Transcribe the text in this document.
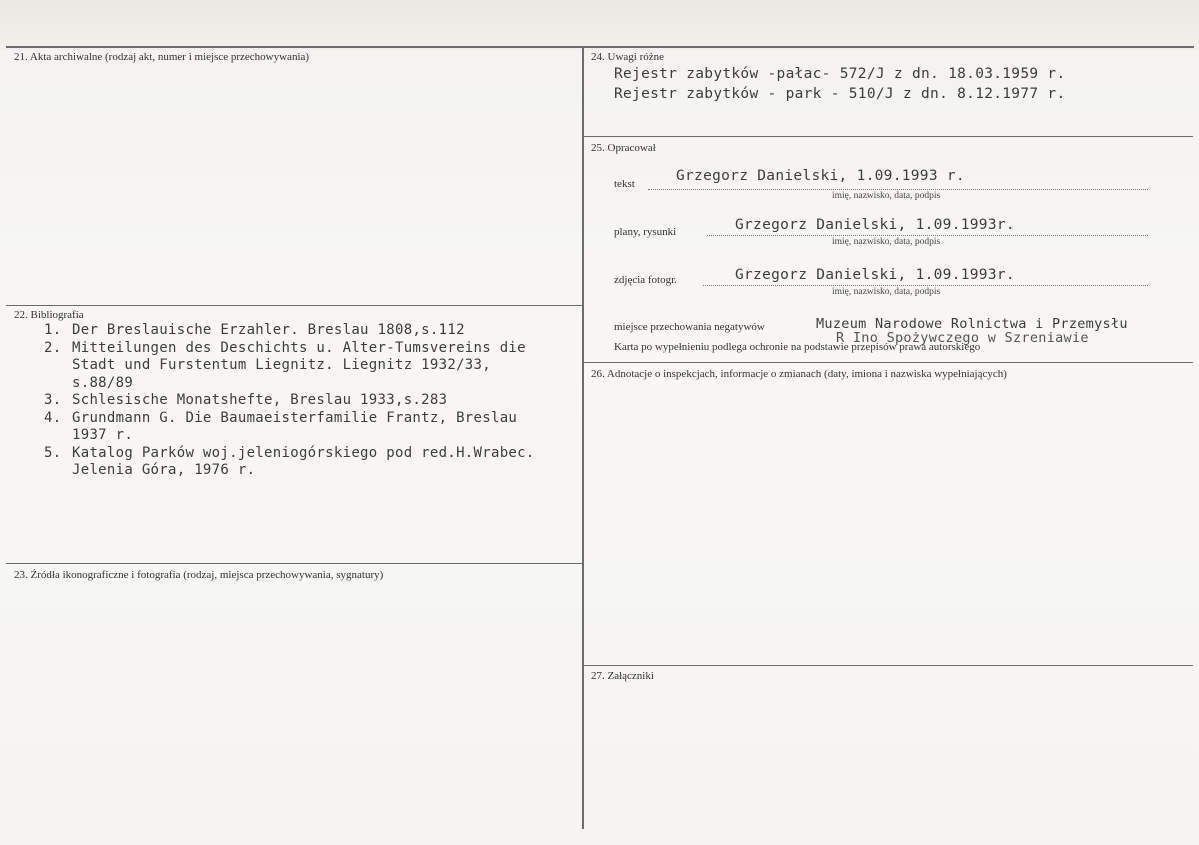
21. Akta archiwalne (rodzaj akt, numer i miejsce przechowywania)
22. Bibliografia
1. Der Breslauische Erzahler. Breslau 1808,s.112
2. Mitteilungen des Deschichts u. Alter-Tumsvereins die
Stadt und Furstentum Liegnitz. Liegnitz 1932/33,
s.88/89
3. Schlesische Monatshefte, Breslau 1933,s.283
4. Grundmann G. Die Baumaeisterfamilie Frantz, Breslau
1937 r.
5. Katalog Parków woj.jeleniogórskiego pod red.H.Wrabec.
Jelenia Góra, 1976 r.
23. Źródła ikonograficzne i fotografia (rodzaj, miejsca przechowywania, sygnatury)
24. Uwagi różne
Rejestr zabytków -pałac- 572/J z dn. 18.03.1959 r.
Rejestr zabytków - park - 510/J z dn. 8.12.1977 r.
25. Opracował
tekst	Grzegorz Danielski, 1.09.1993 r.
imię, nazwisko, data, podpis
plany, rysunki	Grzegorz Danielski, 1.09.1993r.
imię, nazwisko, data, podpis
zdjęcia fotogr.	Grzegorz Danielski, 1.09.1993r.
imię, nazwisko, data, podpis
miejsce przechowania negatywów	Muzeum Narodowe Rolnictwa i Przemysłu
R Ino Spożywczego w Szreniawie
Karta po wypełnieniu podlega ochronie na podstawie przepisów prawa autorskiego
26. Adnotacje o inspekcjach, informacje o zmianach (daty, imiona i nazwiska wypełniających)
27. Załączniki
